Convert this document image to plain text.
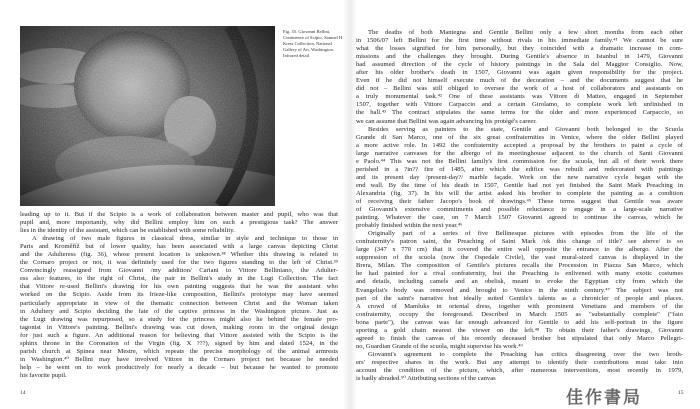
Fig. 35. Giovanni Bellini, Continence of Scipio, Samuel H. Kress Collection, National Gallery of Art, Washington. Infrared detail
leading up to it. But if the Scipio is a work of collaboration between master and pupil, who was that
pupil and, more importantly, why did Bellini employ him on such a prestigious task? The answer
lies in the identity of the assistant, which can be established with some reliability.
A drawing of two male figures in classical dress, similar in style and technique to those in
Paris and Kroměříž but of lower quality, has been associated with a large canvas depicting Christ
and the Adulteress (fig. 36), whose present location is unknown.³⁸ Whether this drawing is related to
the Cornaro project or not, it was definitely used for the two figures standing to the left of Christ.³⁹
Convincingly reassigned from Giovanni /my addition/ Cariani to Vittore Belliniano, the Adulter-
ess also features, to the right of Christ, the pair in Bellini's study in the Lugt Collection. The fact
that Vittore re-used Bellini's drawing for his own painting suggests that he was the assistant who
worked on the Scipio. Aside from its frieze-like composition, Bellini's prototype may have seemed
particularly appropriate in view of the thematic connection between Christ and the Woman taken
in Adultery and Scipio deciding the fate of the captive princess in the Washington picture. Just as
the Lugt drawing was repurposed, so a study for the princess might also lie behind the female pro-
tagonist in Vittore's painting. Bellini's drawing was cut down, making room in the original design
for just such a figure. An additional reason for believing that Vittore assisted with the Scipio is the
sphinx throne in the Coronation of the Virgin (fig. X ???), signed by him and dated 1524, in the
parish church at Spinea near Mestre, which repeats the precise morphology of the animal armrests
in Washington.⁴⁰ Bellini may have involved Vittore in the Cornaro project not because he needed
help – he went on to work productively for nearly a decade – but because he wanted to promote
his favorite pupil.
The deaths of both Mantegna and Gentile Bellini only a few short months from each other
in 1506/07 left Bellini for the first time without rivals in his immediate family.⁴¹ We cannot be sure
what the losses signified for him personally, but they coincided with a dramatic increase in com-
missions and the challenges they brought. During Gentile's absence in Istanbul in 1479, Giovanni
had assumed direction of the cycle of history paintings in the Sala del Maggior Consiglio. Now,
after his older brother's death in 1507, Giovanni was again given responsibility for the project.
Even if he did not himself execute much of the decoration – and the documents suggest that he
did not – Bellini was still obliged to oversee the work of a host of collaborators and assistants on
a truly monumental task.⁴² One of these assistants was Vittore di Matteo, engaged in September
1507, together with Vittore Carpaccio and a certain Girolamo, to complete work left unfinished in
the hall.⁴³ The contract stipulates the same terms for the older and more experienced Carpaccio, so
we can assume that Bellini was again advancing his protégé's career.
Besides serving as painters to the state, Gentile and Giovanni both belonged to the Scuola
Grande di San Marco, one of the six great confraternities in Venice, where the older Bellini played
a more active role. In 1492 the confraternity accepted a proposal by the brothers to paint a cycle of
large narrative canvases for the albergo of its meetinghouse adjacent to the church of Santi Giovanni
e Paolo.⁴⁴ This was not the Bellini family's first commission for the scuola, but all of their work there
perished in a ?in?? fire of 1485, after which the edifice was rebuilt and redecorated with paintings
and its present day /present-day?/ marble façade. Work on the new narrative cycle began with the
end wall. By the time of his death in 1507, Gentile had not yet finished the Saint Mark Preaching in
Alexandria (fig. 37). In his will the artist asked his brother to complete the painting as a condition
of receiving their father Jacopo's book of drawings.⁴⁵ These terms suggest that Gentile was aware
of Giovanni's extensive commitments and possible reluctance to engage in a large-scale narrative
painting. Whatever the case, on 7 March 1507 Giovanni agreed to continue the canvas, which he
probably finished within the next year.⁴⁶
Originally part of a series of five Bellinesque pictures with episodes from the life of the
confraternity's patron saint, the Preaching of Saint Mark /ok this change of title? see above/ is so
large (347 x 770 cm) that it covered the entire wall opposite the entrance to the albergo. After the
suppression of the scuola (now the Ospedale Civile), the vast mural-sized canvas is displayed in the
Brera, Milan. The composition of Gentile's pictures recalls the Procession in Piazza San Marco, which
he had painted for a rival confraternity, but the Preaching is enlivened with many exotic costumes
and details, including camels and an obelisk, meant to evoke the Egyptian city from which the
Evangelist's body was removed and brought to Venice in the ninth century.⁴⁷ The subject was not
part of the saint's narrative but ideally suited Gentile's talents as a chronicler of people and places.
A crowd of Mamluks in oriental dress, together with prominent Venetians and members of the
confraternity, occupy the foreground. Described in March 1505 as "substantially complete" ("fato
bona parte"), the canvas was far enough advanced for Gentile to add his self-portrait in the figure
sporting a gold chain nearest the viewer on the left.⁴⁸ To obtain their father's drawings, Giovanni
agreed to finish the canvas of his recently deceased brother but stipulated that only Marco Pellegri-
no, Guardian Grande of the scuola, might supervise his work.⁴⁹
Giovanni's agreement to complete the Preaching has critics disagreeing over the two broth-
ers' respective shares in the work. But any attempt to identify their contributions must take into
account the condition of the picture, which, after numerous interventions, most recently in 1979,
is badly abraded.⁵⁰ Attributing sections of the canvas
14	15
佳作書局
